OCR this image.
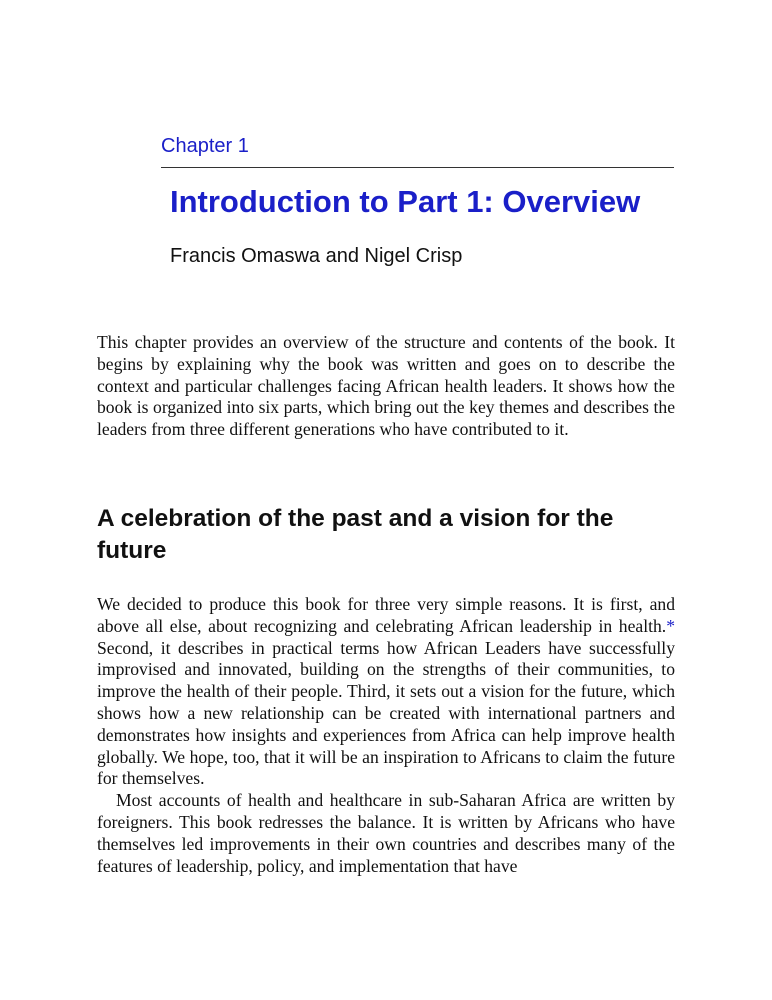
Chapter 1
Introduction to Part 1: Overview
Francis Omaswa and Nigel Crisp

This chapter provides an overview of the structure and contents of the book. It begins by explaining why the book was written and goes on to describe the context and particular challenges facing African health leaders. It shows how the book is organized into six parts, which bring out the key themes and describes the leaders from three different generations who have contributed to it.

A celebration of the past and a vision for the future

We decided to produce this book for three very simple reasons. It is first, and above all else, about recognizing and celebrating African leadership in health.* Second, it describes in practical terms how African Leaders have successfully improvised and innovated, building on the strengths of their communities, to improve the health of their people. Third, it sets out a vision for the future, which shows how a new relationship can be created with international partners and demonstrates how insights and experiences from Africa can help improve health globally. We hope, too, that it will be an inspiration to Africans to claim the future for themselves.

Most accounts of health and healthcare in sub-Saharan Africa are written by foreigners. This book redresses the balance. It is written by Africans who have themselves led improvements in their own countries and describes many of the features of leadership, policy, and implementation that have
